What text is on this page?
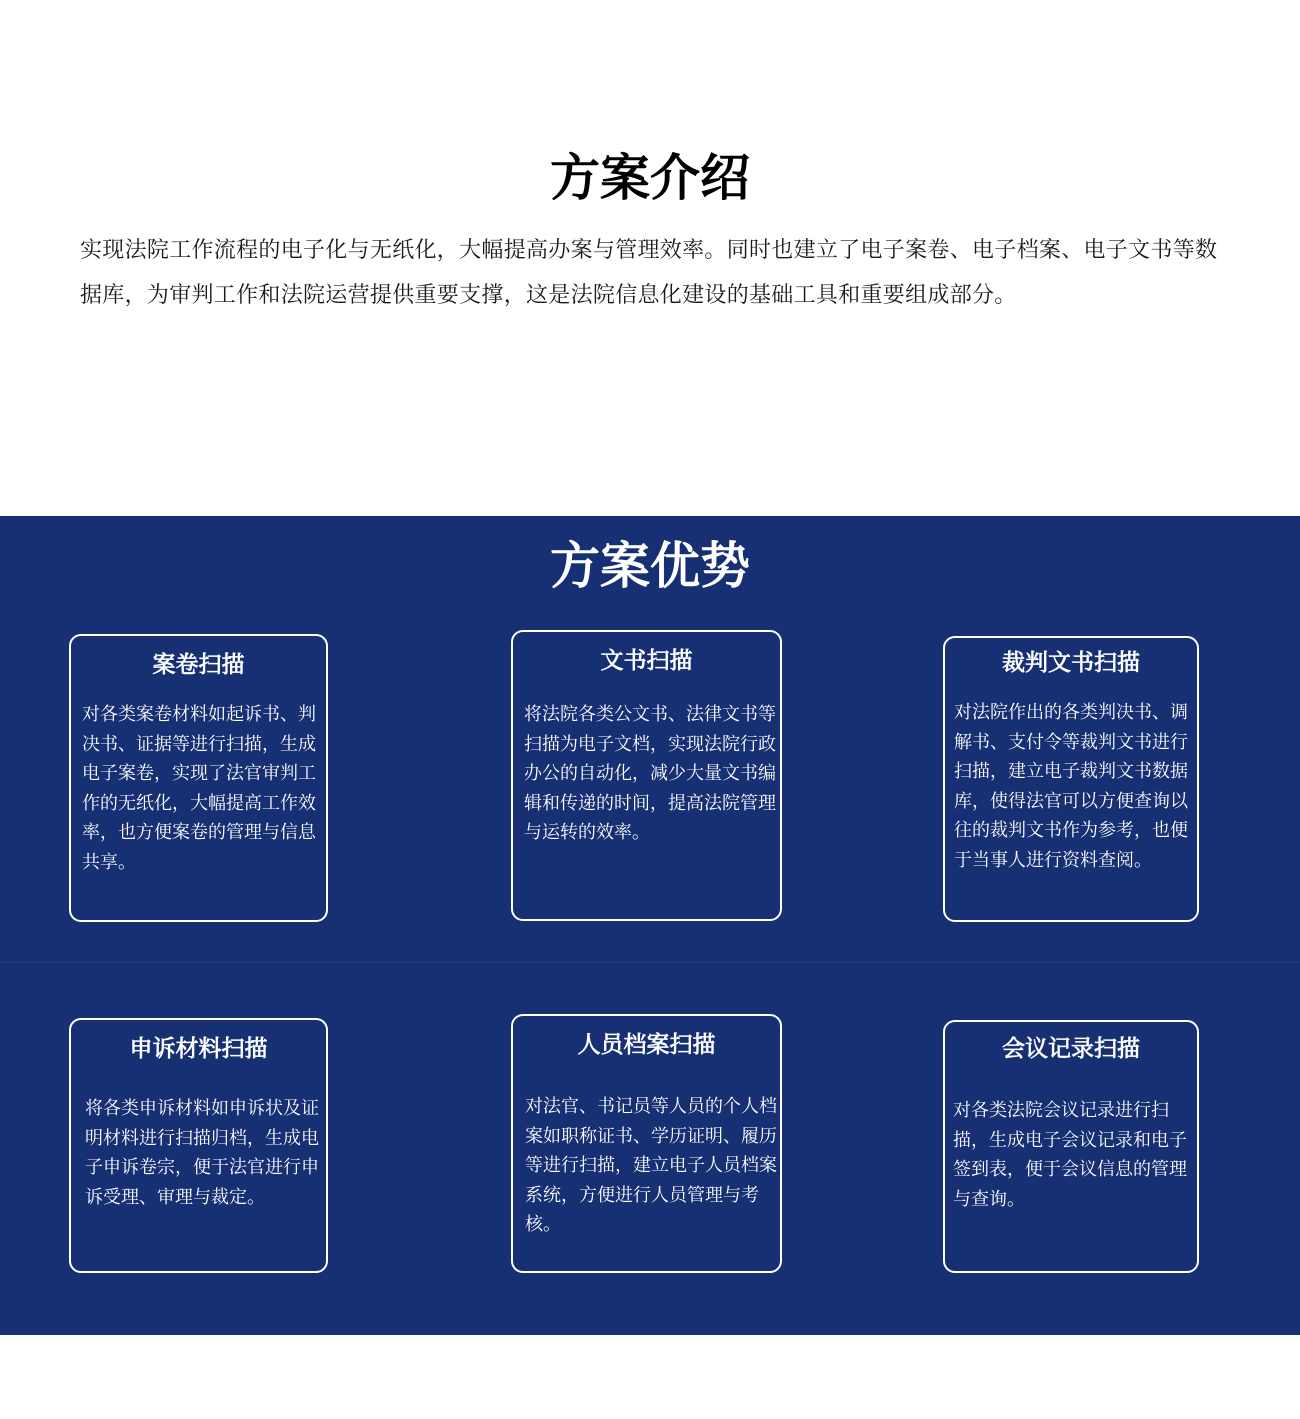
方案介绍

实现法院工作流程的电子化与无纸化，大幅提高办案与管理效率。同时也建立了电子案卷、电子档案、电子文书等数据库，为审判工作和法院运营提供重要支撑，这是法院信息化建设的基础工具和重要组成部分。

方案优势
案卷扫描

对各类案卷材料如起诉书、判决书、证据等进行扫描，生成电子案卷，实现了法官审判工作的无纸化，大幅提高工作效率，也方便案卷的管理与信息共享。

文书扫描

将法院各类公文书、法律文书等扫描为电子文档，实现法院行政办公的自动化，减少大量文书编辑和传递的时间，提高法院管理与运转的效率。

裁判文书扫描

对法院作出的各类判决书、调解书、支付令等裁判文书进行扫描，建立电子裁判文书数据库，使得法官可以方便查询以往的裁判文书作为参考，也便于当事人进行资料查阅。

申诉材料扫描

将各类申诉材料如申诉状及证明材料进行扫描归档，生成电子申诉卷宗，便于法官进行申诉受理、审理与裁定。

人员档案扫描

对法官、书记员等人员的个人档案如职称证书、学历证明、履历等进行扫描，建立电子人员档案系统，方便进行人员管理与考核。

会议记录扫描

对各类法院会议记录进行扫描，生成电子会议记录和电子签到表，便于会议信息的管理与查询。
